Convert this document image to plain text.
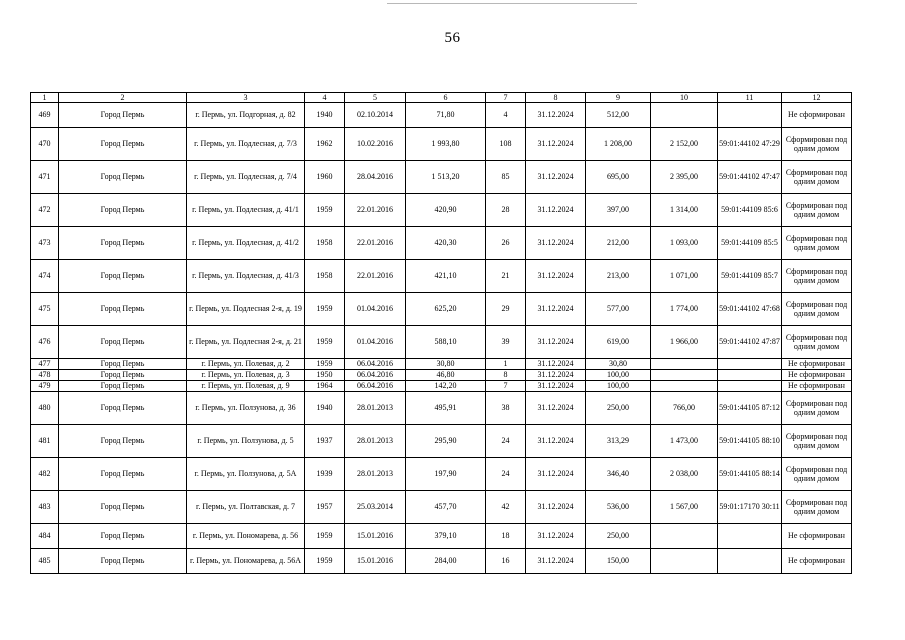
56
1	2	3	4	5	6	7	8	9	10	11	12
469	Город Пермь	г. Пермь, ул. Подгорная, д. 82	1940	02.10.2014	71,80	4	31.12.2024	512,00			Не сформирован
470	Город Пермь	г. Пермь, ул. Подлесная, д. 7/3	1962	10.02.2016	1 993,80	108	31.12.2024	1 208,00	2 152,00	59:01:44102 47:29	Сформирован под одним домом
471	Город Пермь	г. Пермь, ул. Подлесная, д. 7/4	1960	28.04.2016	1 513,20	85	31.12.2024	695,00	2 395,00	59:01:44102 47:47	Сформирован под одним домом
472	Город Пермь	г. Пермь, ул. Подлесная, д. 41/1	1959	22.01.2016	420,90	28	31.12.2024	397,00	1 314,00	59:01:44109 85:6	Сформирован под одним домом
473	Город Пермь	г. Пермь, ул. Подлесная, д. 41/2	1958	22.01.2016	420,30	26	31.12.2024	212,00	1 093,00	59:01:44109 85:5	Сформирован под одним домом
474	Город Пермь	г. Пермь, ул. Подлесная, д. 41/3	1958	22.01.2016	421,10	21	31.12.2024	213,00	1 071,00	59:01:44109 85:7	Сформирован под одним домом
475	Город Пермь	г. Пермь, ул. Подлесная 2-я, д. 19	1959	01.04.2016	625,20	29	31.12.2024	577,00	1 774,00	59:01:44102 47:68	Сформирован под одним домом
476	Город Пермь	г. Пермь, ул. Подлесная 2-я, д. 21	1959	01.04.2016	588,10	39	31.12.2024	619,00	1 966,00	59:01:44102 47:87	Сформирован под одним домом
477	Город Пермь	г. Пермь, ул. Полевая, д. 2	1959	06.04.2016	30,80	1	31.12.2024	30,80			Не сформирован
478	Город Пермь	г. Пермь, ул. Полевая, д. 3	1950	06.04.2016	46,80	8	31.12.2024	100,00			Не сформирован
479	Город Пермь	г. Пермь, ул. Полевая, д. 9	1964	06.04.2016	142,20	7	31.12.2024	100,00			Не сформирован
480	Город Пермь	г. Пермь, ул. Ползунова, д. 36	1940	28.01.2013	495,91	38	31.12.2024	250,00	766,00	59:01:44105 87:12	Сформирован под одним домом
481	Город Пермь	г. Пермь, ул. Ползунова, д. 5	1937	28.01.2013	295,90	24	31.12.2024	313,29	1 473,00	59:01:44105 88:10	Сформирован под одним домом
482	Город Пермь	г. Пермь, ул. Ползунова, д. 5А	1939	28.01.2013	197,90	24	31.12.2024	346,40	2 038,00	59:01:44105 88:14	Сформирован под одним домом
483	Город Пермь	г. Пермь, ул. Полтавская, д. 7	1957	25.03.2014	457,70	42	31.12.2024	536,00	1 567,00	59:01:17170 30:11	Сформирован под одним домом
484	Город Пермь	г. Пермь, ул. Пономарева, д. 56	1959	15.01.2016	379,10	18	31.12.2024	250,00			Не сформирован
485	Город Пермь	г. Пермь, ул. Пономарева, д. 56А	1959	15.01.2016	284,00	16	31.12.2024	150,00			Не сформирован
